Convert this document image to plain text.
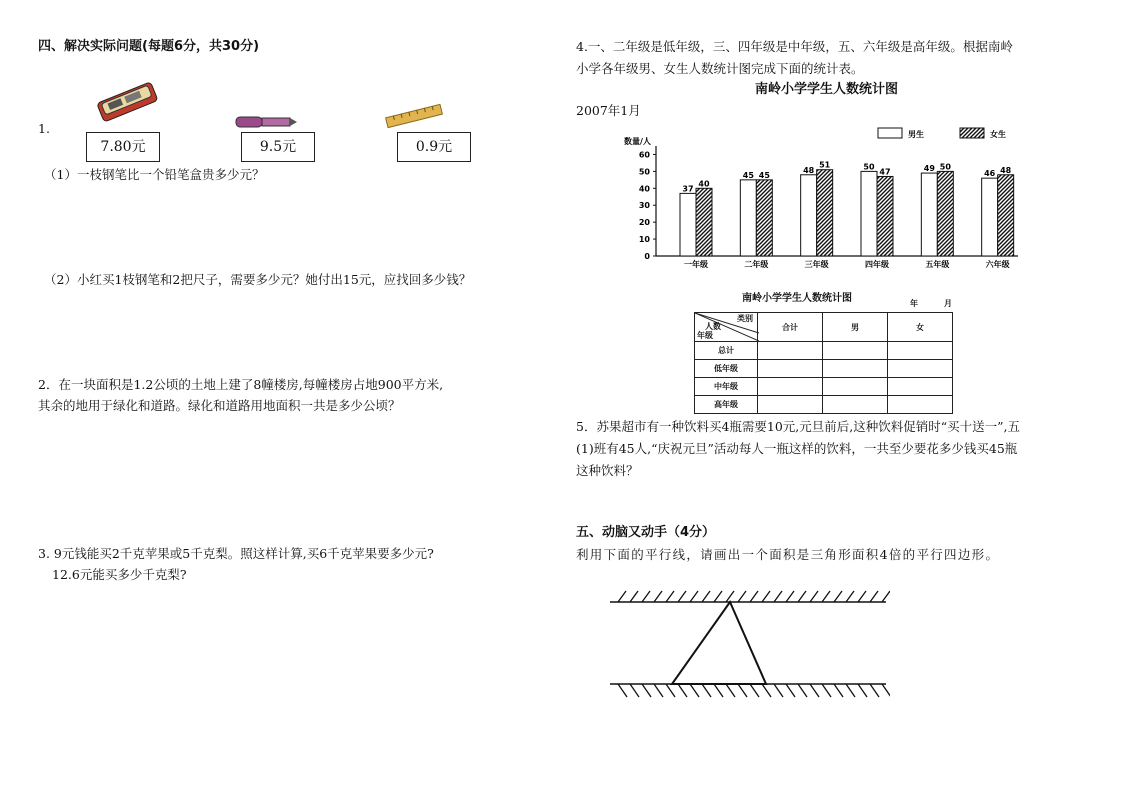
四、解决实际问题(每题6分，共30分)
1.
7.80元	9.5元	0.9元
（1）一枝钢笔比一个铅笔盒贵多少元？
（2）小红买1枝钢笔和2把尺子，需要多少元？她付出15元，应找回多少钱？
2．在一块面积是1.2公顷的土地上建了8幢楼房,每幢楼房占地900平方米,
其余的地用于绿化和道路。绿化和道路用地面积一共是多少公顷？
3. 9元钱能买2千克苹果或5千克梨。照这样计算,买6千克苹果要多少元?
12.6元能买多少千克梨?
4.一、二年级是低年级，三、四年级是中年级，五、六年级是高年级。根据南岭
小学各年级男、女生人数统计图完成下面的统计表。
南岭小学学生人数统计图
2007年1月
0
10
20
30
40
50
60
数量/人
男生	女生
37
40
一年级
45 45
二年级
48
51
三年级
50
47
四年级
49 50
五年级
46 48
六年级
南岭小学学生人数统计图	年	月
类别
人数
年级	合计	男	女
总计			
低年级			
中年级			
高年级			
5．苏果超市有一种饮料买4瓶需要10元,元旦前后,这种饮料促销时“买十送一”,五
(1)班有45人,“庆祝元旦”活动每人一瓶这样的饮料，一共至少要花多少钱买45瓶
这种饮料？
五、动脑又动手（4分）
利用下面的平行线，请画出一个面积是三角形面积4倍的平行四边形。
